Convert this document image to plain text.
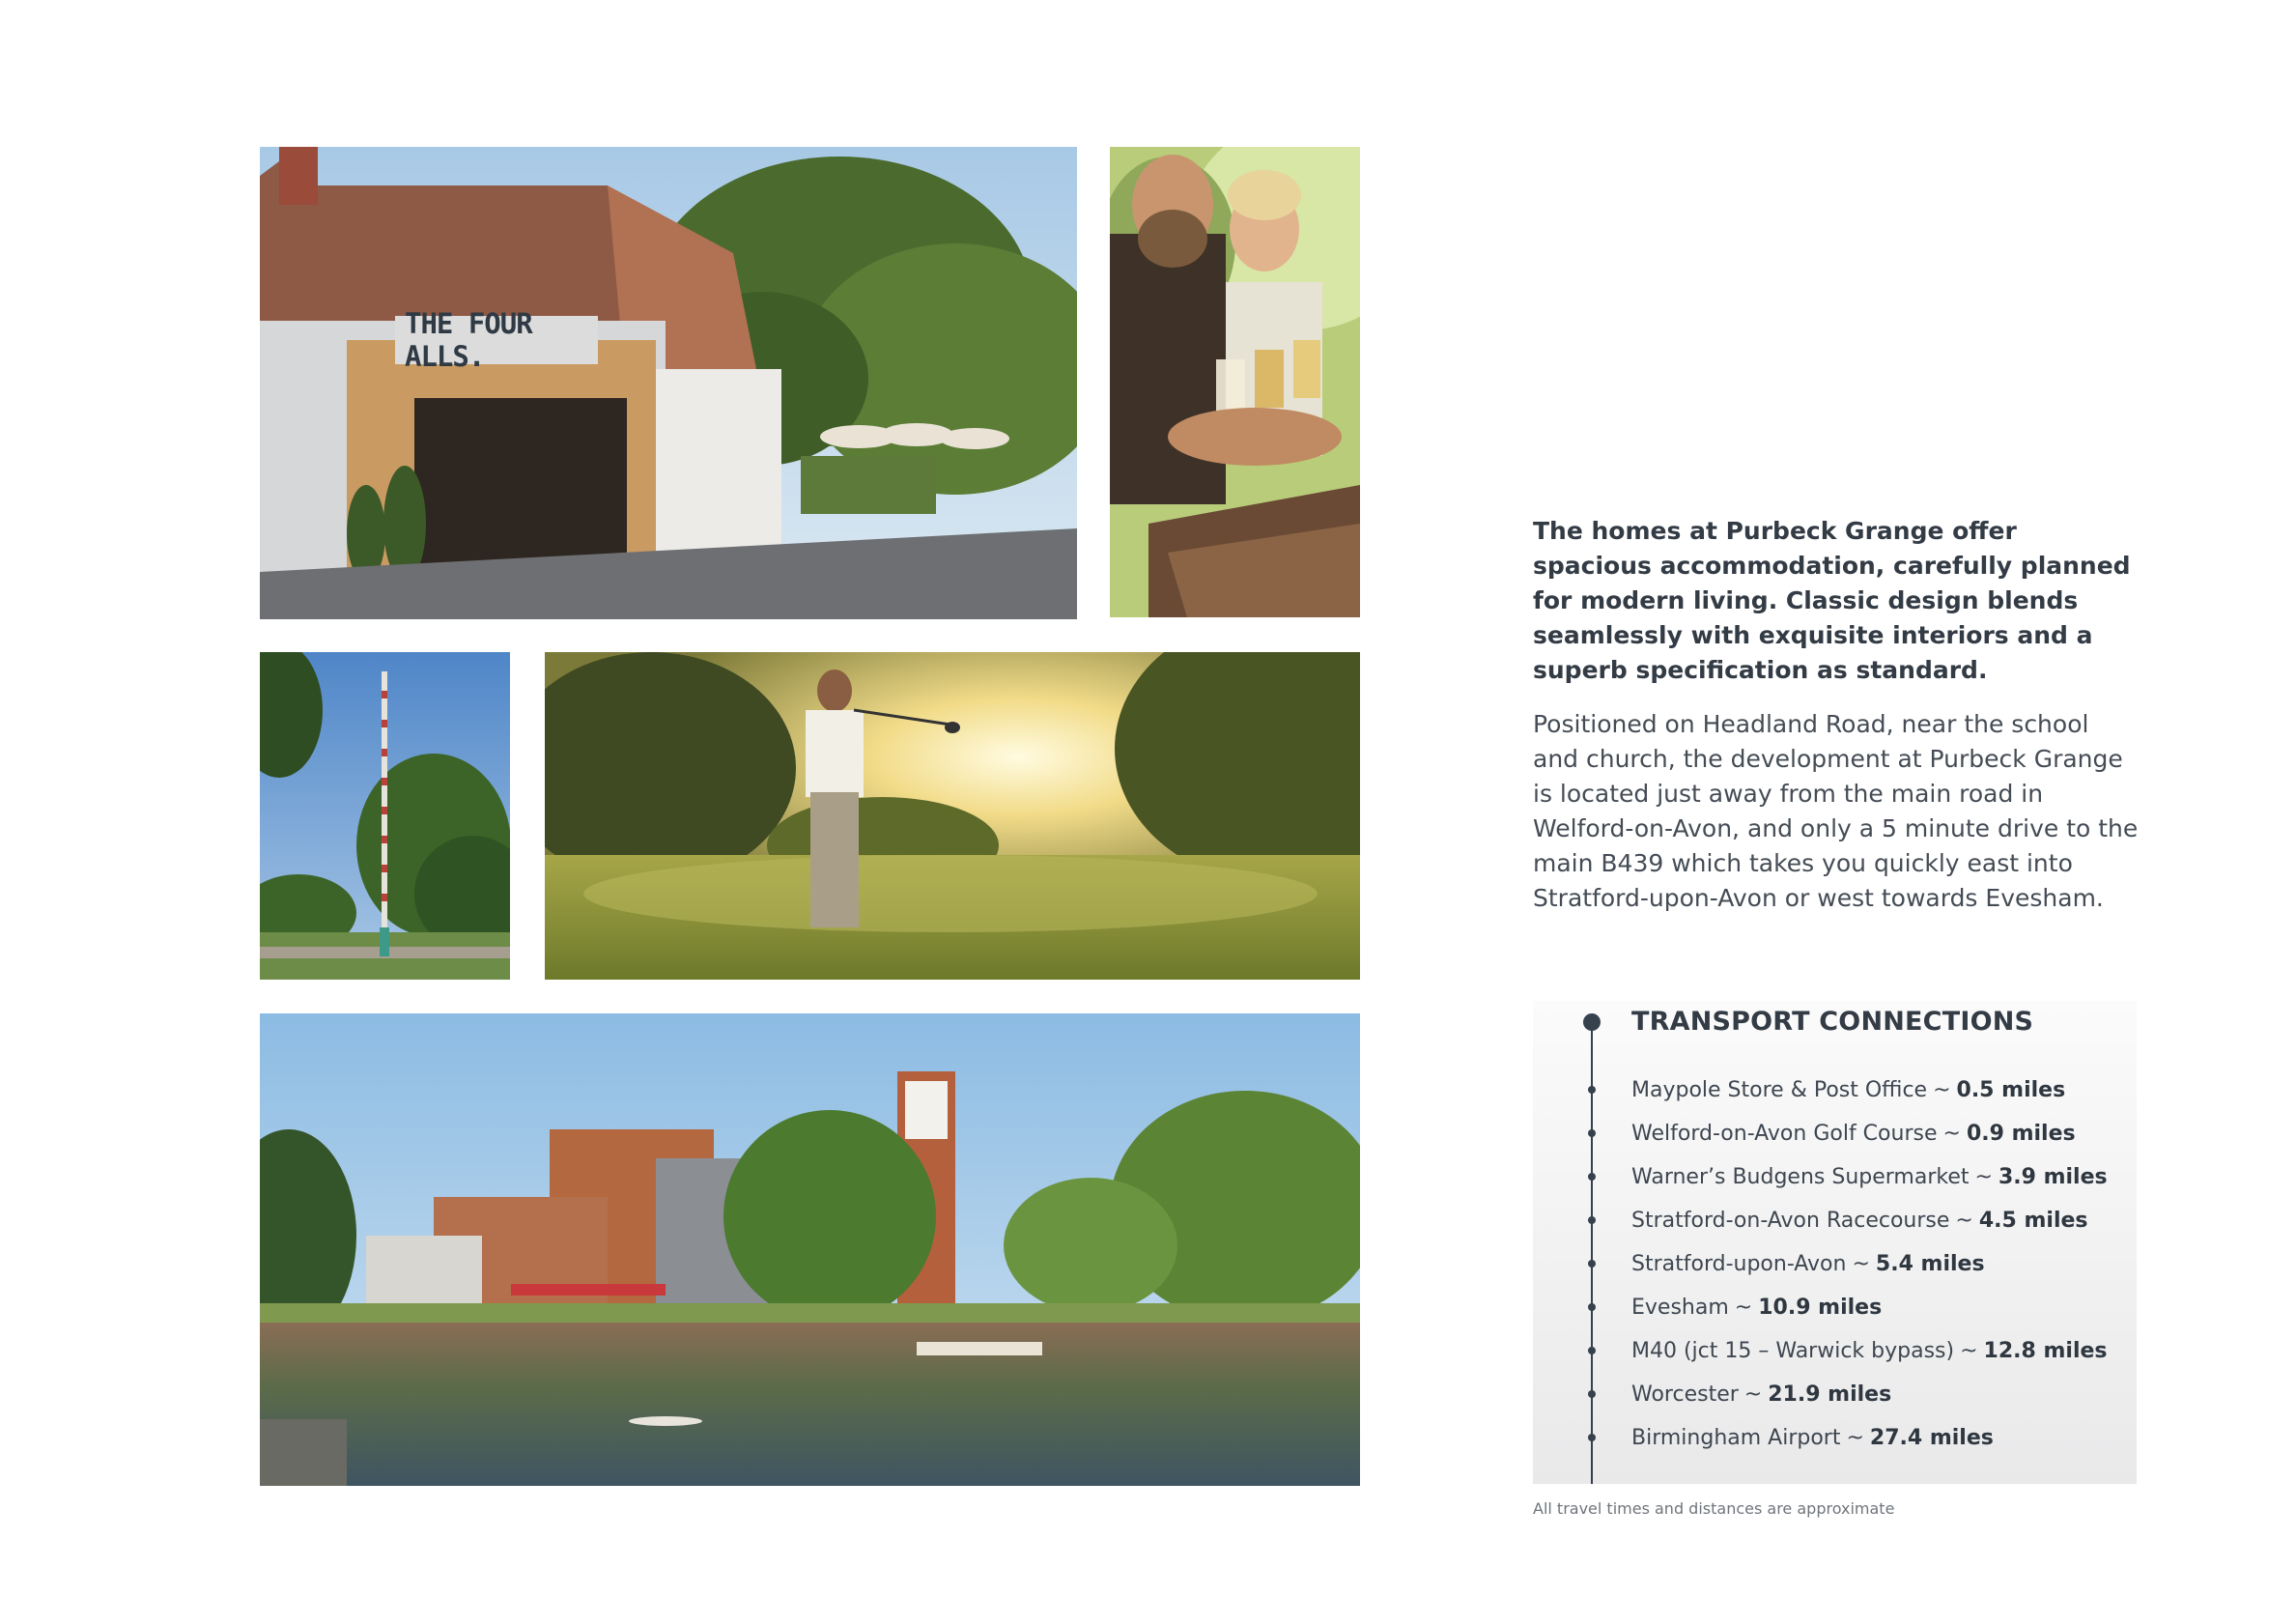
THE FOUR ALLS.

The homes at Purbeck Grange offer spacious accommodation, carefully planned for modern living. Classic design blends seamlessly with exquisite interiors and a superb specification as standard.

Positioned on Headland Road, near the school and church, the development at Purbeck Grange is located just away from the main road in Welford-on-Avon, and only a 5 minute drive to the main B439 which takes you quickly east into Stratford-upon-Avon or west towards Evesham.

TRANSPORT CONNECTIONS
Maypole Store & Post Office ~ 0.5 miles
Welford-on-Avon Golf Course ~ 0.9 miles
Warner’s Budgens Supermarket ~ 3.9 miles
Stratford-on-Avon Racecourse ~ 4.5 miles
Stratford-upon-Avon ~ 5.4 miles
Evesham ~ 10.9 miles
M40 (jct 15 – Warwick bypass) ~ 12.8 miles
Worcester ~ 21.9 miles
Birmingham Airport ~ 27.4 miles

All travel times and distances are approximate
